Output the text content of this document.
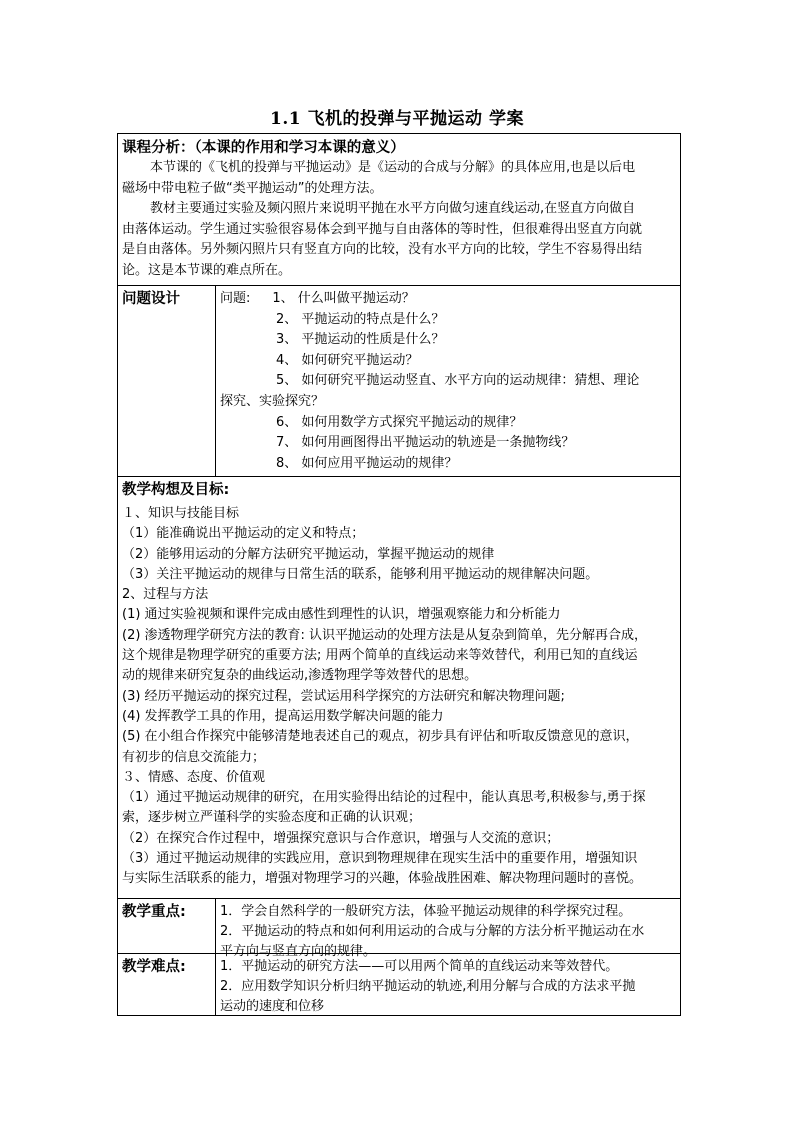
1.1 飞机的投弹与平抛运动 学案
课程分析：（本课的作用和学习本课的意义）
本节课的《飞机的投弹与平抛运动》是《运动的合成与分解》的具体应用,也是以后电
磁场中带电粒子做“类平抛运动”的处理方法。
教材主要通过实验及频闪照片来说明平抛在水平方向做匀速直线运动,在竖直方向做自
由落体运动。学生通过实验很容易体会到平抛与自由落体的等时性，但很难得出竖直方向就
是自由落体。另外频闪照片只有竖直方向的比较，没有水平方向的比较，学生不容易得出结
论。这是本节课的难点所在。
问题设计	问题: 1、 什么叫做平抛运动？
2、 平抛运动的特点是什么？
3、 平抛运动的性质是什么？
4、 如何研究平抛运动？
5、 如何研究平抛运动竖直、水平方向的运动规律：猜想、理论
探究、实验探究？
6、 如何用数学方式探究平抛运动的规律？
7、 如何用画图得出平抛运动的轨迹是一条抛物线？
8、 如何应用平抛运动的规律？
教学构想及目标:
１、知识与技能目标
（1）能准确说出平抛运动的定义和特点；
（2）能够用运动的分解方法研究平抛运动，掌握平抛运动的规律
（3）关注平抛运动的规律与日常生活的联系，能够利用平抛运动的规律解决问题。
2、过程与方法
(1) 通过实验视频和课件完成由感性到理性的认识，增强观察能力和分析能力
(2) 渗透物理学研究方法的教育: 认识平抛运动的处理方法是从复杂到简单，先分解再合成，
这个规律是物理学研究的重要方法; 用两个简单的直线运动来等效替代，利用已知的直线运
动的规律来研究复杂的曲线运动,渗透物理学等效替代的思想。
(3) 经历平抛运动的探究过程，尝试运用科学探究的方法研究和解决物理问题;
(4) 发挥教学工具的作用，提高运用数学解决问题的能力
(5) 在小组合作探究中能够清楚地表述自己的观点，初步具有评估和听取反馈意见的意识，
有初步的信息交流能力；
３、情感、态度、价值观
（1）通过平抛运动规律的研究，在用实验得出结论的过程中，能认真思考,积极参与,勇于探
索，逐步树立严谨科学的实验态度和正确的认识观；
（2）在探究合作过程中，增强探究意识与合作意识，增强与人交流的意识；
（3）通过平抛运动规律的实践应用，意识到物理规律在现实生活中的重要作用，增强知识
与实际生活联系的能力，增强对物理学习的兴趣，体验战胜困难、解决物理问题时的喜悦。
教学重点:	1．学会自然科学的一般研究方法，体验平抛运动规律的科学探究过程。
2．平抛运动的特点和如何利用运动的合成与分解的方法分析平抛运动在水
平方向与竖直方向的规律。
教学难点:	1．平抛运动的研究方法——可以用两个简单的直线运动来等效替代。
2．应用数学知识分析归纳平抛运动的轨迹,利用分解与合成的方法求平抛
运动的速度和位移
